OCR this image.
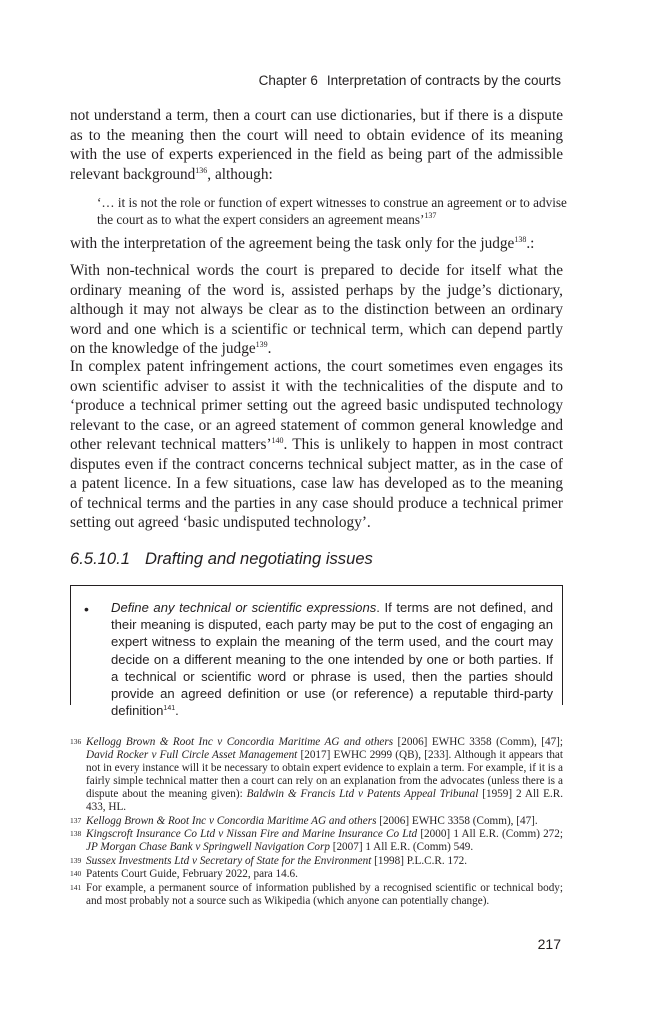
Chapter 6 Interpretation of contracts by the courts

not understand a term, then a court can use dictionaries, but if there is a dispute as to the meaning then the court will need to obtain evidence of its meaning with the use of experts experienced in the field as being part of the admissible relevant background$^{136}$, although:

‘… it is not the role or function of expert witnesses to construe an agreement or to advise the court as to what the expert considers an agreement means’$^{137}$

with the interpretation of the agreement being the task only for the judge$^{138}$.:

With non-technical words the court is prepared to decide for itself what the ordinary meaning of the word is, assisted perhaps by the judge’s dictionary, although it may not always be clear as to the distinction between an ordinary word and one which is a scientific or technical term, which can depend partly on the knowledge of the judge$^{139}$.

In complex patent infringement actions, the court sometimes even engages its own scientific adviser to assist it with the technicalities of the dispute and to ‘produce a technical primer setting out the agreed basic undisputed technology relevant to the case, or an agreed statement of common general knowledge and other relevant technical matters’$^{140}$. This is unlikely to happen in most contract disputes even if the contract concerns technical subject matter, as in the case of a patent licence. In a few situations, case law has developed as to the meaning of technical terms and the parties in any case should produce a technical primer setting out agreed ‘basic undisputed technology’.

6.5.10.1 Drafting and negotiating issues
• Define any technical or scientific expressions. If terms are not defined, and their meaning is disputed, each party may be put to the cost of engaging an expert witness to explain the meaning of the term used, and the court may decide on a different meaning to the one intended by one or both parties. If a technical or scientific word or phrase is used, then the parties should provide an agreed definition or use (or reference) a reputable third-party definition$^{141}$.

136 Kellogg Brown & Root Inc v Concordia Maritime AG and others [2006] EWHC 3358 (Comm), [47]; David Rocker v Full Circle Asset Management [2017] EWHC 2999 (QB), [233]. Although it appears that not in every instance will it be necessary to obtain expert evidence to explain a term. For example, if it is a fairly simple technical matter then a court can rely on an explanation from the advocates (unless there is a dispute about the meaning given): Baldwin & Francis Ltd v Patents Appeal Tribunal [1959] 2 All E.R. 433, HL.

137 Kellogg Brown & Root Inc v Concordia Maritime AG and others [2006] EWHC 3358 (Comm), [47].

138 Kingscroft Insurance Co Ltd v Nissan Fire and Marine Insurance Co Ltd [2000] 1 All E.R. (Comm) 272; JP Morgan Chase Bank v Springwell Navigation Corp [2007] 1 All E.R. (Comm) 549.

139 Sussex Investments Ltd v Secretary of State for the Environment [1998] P.L.C.R. 172.

140 Patents Court Guide, February 2022, para 14.6.

141 For example, a permanent source of information published by a recognised scientific or technical body; and most probably not a source such as Wikipedia (which anyone can potentially change).

217
